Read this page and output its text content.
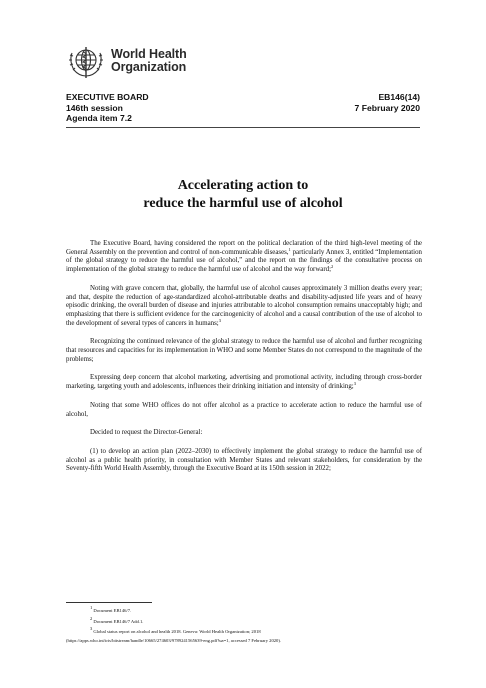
World Health
Organization
EXECUTIVE BOARD
146th session
Agenda item 7.2
EB146(14)
7 February 2020
Accelerating action to
reduce the harmful use of alcohol

The Executive Board, having considered the report on the political declaration of the third high-level meeting of the General Assembly on the prevention and control of non-communicable diseases,$^1$ particularly Annex 3, entitled “Implementation of the global strategy to reduce the harmful use of alcohol,” and the report on the findings of the consultative process on implementation of the global strategy to reduce the harmful use of alcohol and the way forward;$^2$

Noting with grave concern that, globally, the harmful use of alcohol causes approximately 3 million deaths every year; and that, despite the reduction of age-standardized alcohol-attributable deaths and disability-adjusted life years and of heavy episodic drinking, the overall burden of disease and injuries attributable to alcohol consumption remains unacceptably high; and emphasizing that there is sufficient evidence for the carcinogenicity of alcohol and a causal contribution of the use of alcohol to the development of several types of cancers in humans;$^3$

Recognizing the continued relevance of the global strategy to reduce the harmful use of alcohol and further recognizing that resources and capacities for its implementation in WHO and some Member States do not correspond to the magnitude of the problems;

Expressing deep concern that alcohol marketing, advertising and promotional activity, including through cross-border marketing, targeting youth and adolescents, influences their drinking initiation and intensity of drinking;$^3$

Noting that some WHO offices do not offer alcohol as a practice to accelerate action to reduce the harmful use of alcohol,

Decided to request the Director-General:

(1) to develop an action plan (2022–2030) to effectively implement the global strategy to reduce the harmful use of alcohol as a public health priority, in consultation with Member States and relevant stakeholders, for consideration by the Seventy-fifth World Health Assembly, through the Executive Board at its 150th session in 2022;

$^1$ Document EB146/7.
$^2$ Document EB146/7 Add.1.
$^3$ Global status report on alcohol and health 2018. Geneva: World Health Organization; 2018
(https://apps.who.int/iris/bitstream/handle/10665/274603/9789241565639-eng.pdf?ua=1, accessed 7 February 2020).
